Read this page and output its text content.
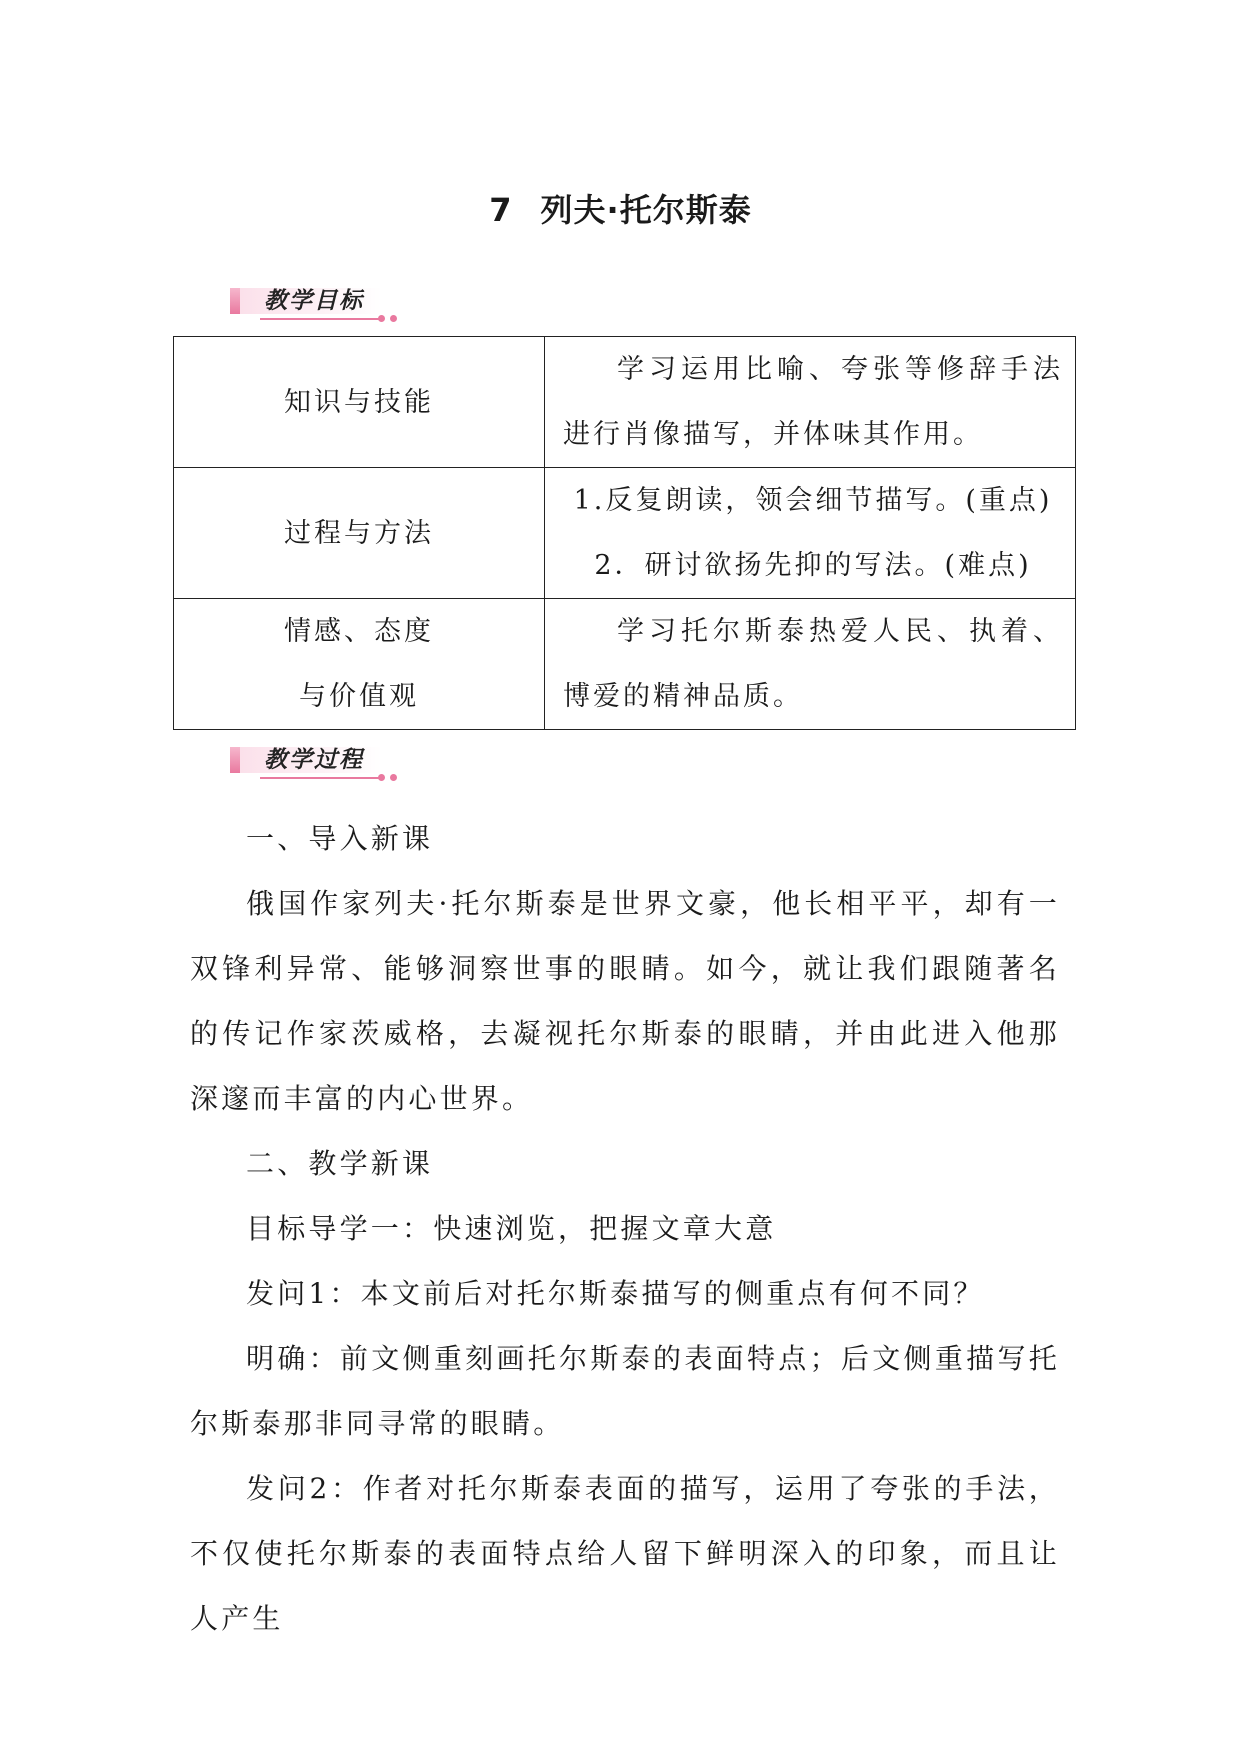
7 列夫·托尔斯泰
教学目标
知识与技能	学习运用比喻、夸张等修辞手法进行肖像描写，并体味其作用。

过程与方法	1.反复朗读，领会细节描写。(重点)
2．研讨欲扬先抑的写法。(难点)

情感、态度
与价值观	学习托尔斯泰热爱人民、执着、博爱的精神品质。
教学过程

一、导入新课

俄国作家列夫·托尔斯泰是世界文豪，他长相平平，却有一双锋利异常、能够洞察世事的眼睛。如今，就让我们跟随著名的传记作家茨威格，去凝视托尔斯泰的眼睛，并由此进入他那深邃而丰富的内心世界。

二、教学新课

目标导学一：快速浏览，把握文章大意

发问1：本文前后对托尔斯泰描写的侧重点有何不同？

明确：前文侧重刻画托尔斯泰的表面特点；后文侧重描写托尔斯泰那非同寻常的眼睛。

发问2：作者对托尔斯泰表面的描写，运用了夸张的手法，不仅使托尔斯泰的表面特点给人留下鲜明深入的印象，而且让人产生
